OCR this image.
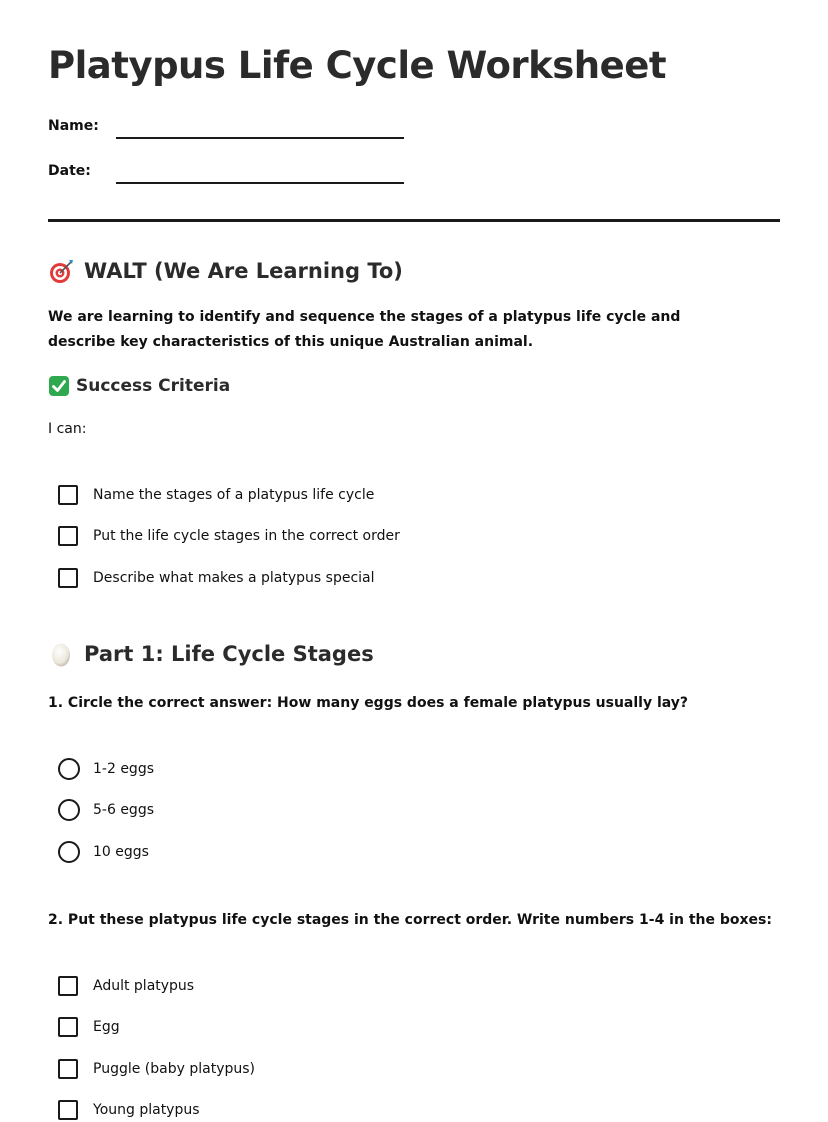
Platypus Life Cycle Worksheet
Name:
Date:
WALT (We Are Learning To)
We are learning to identify and sequence the stages of a platypus life cycle and describe key characteristics of this unique Australian animal.
Success Criteria
I can:
Name the stages of a platypus life cycle
Put the life cycle stages in the correct order
Describe what makes a platypus special
Part 1: Life Cycle Stages
1. Circle the correct answer: How many eggs does a female platypus usually lay?
1-2 eggs
5-6 eggs
10 eggs
2. Put these platypus life cycle stages in the correct order. Write numbers 1-4 in the boxes:
Adult platypus
Egg
Puggle (baby platypus)
Young platypus
